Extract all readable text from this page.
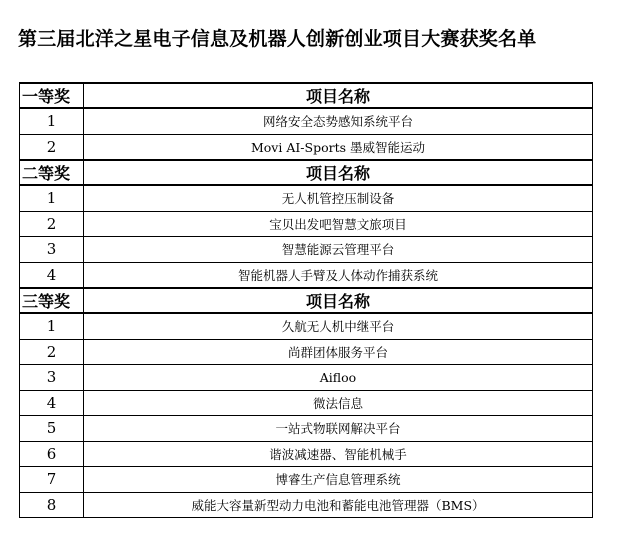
第三届北洋之星电子信息及机器人创新创业项目大赛获奖名单
一等奖	项目名称
1	网络安全态势感知系统平台
2	Movi AI-Sports 墨威智能运动
二等奖	项目名称
1	无人机管控压制设备
2	宝贝出发吧智慧文旅项目
3	智慧能源云管理平台
4	智能机器人手臂及人体动作捕获系统
三等奖	项目名称
1	久航无人机中继平台
2	尚群团体服务平台
3	Aifloo
4	微法信息
5	一站式物联网解决平台
6	谐波减速器、智能机械手
7	博睿生产信息管理系统
8	威能大容量新型动力电池和蓄能电池管理器（BMS）
